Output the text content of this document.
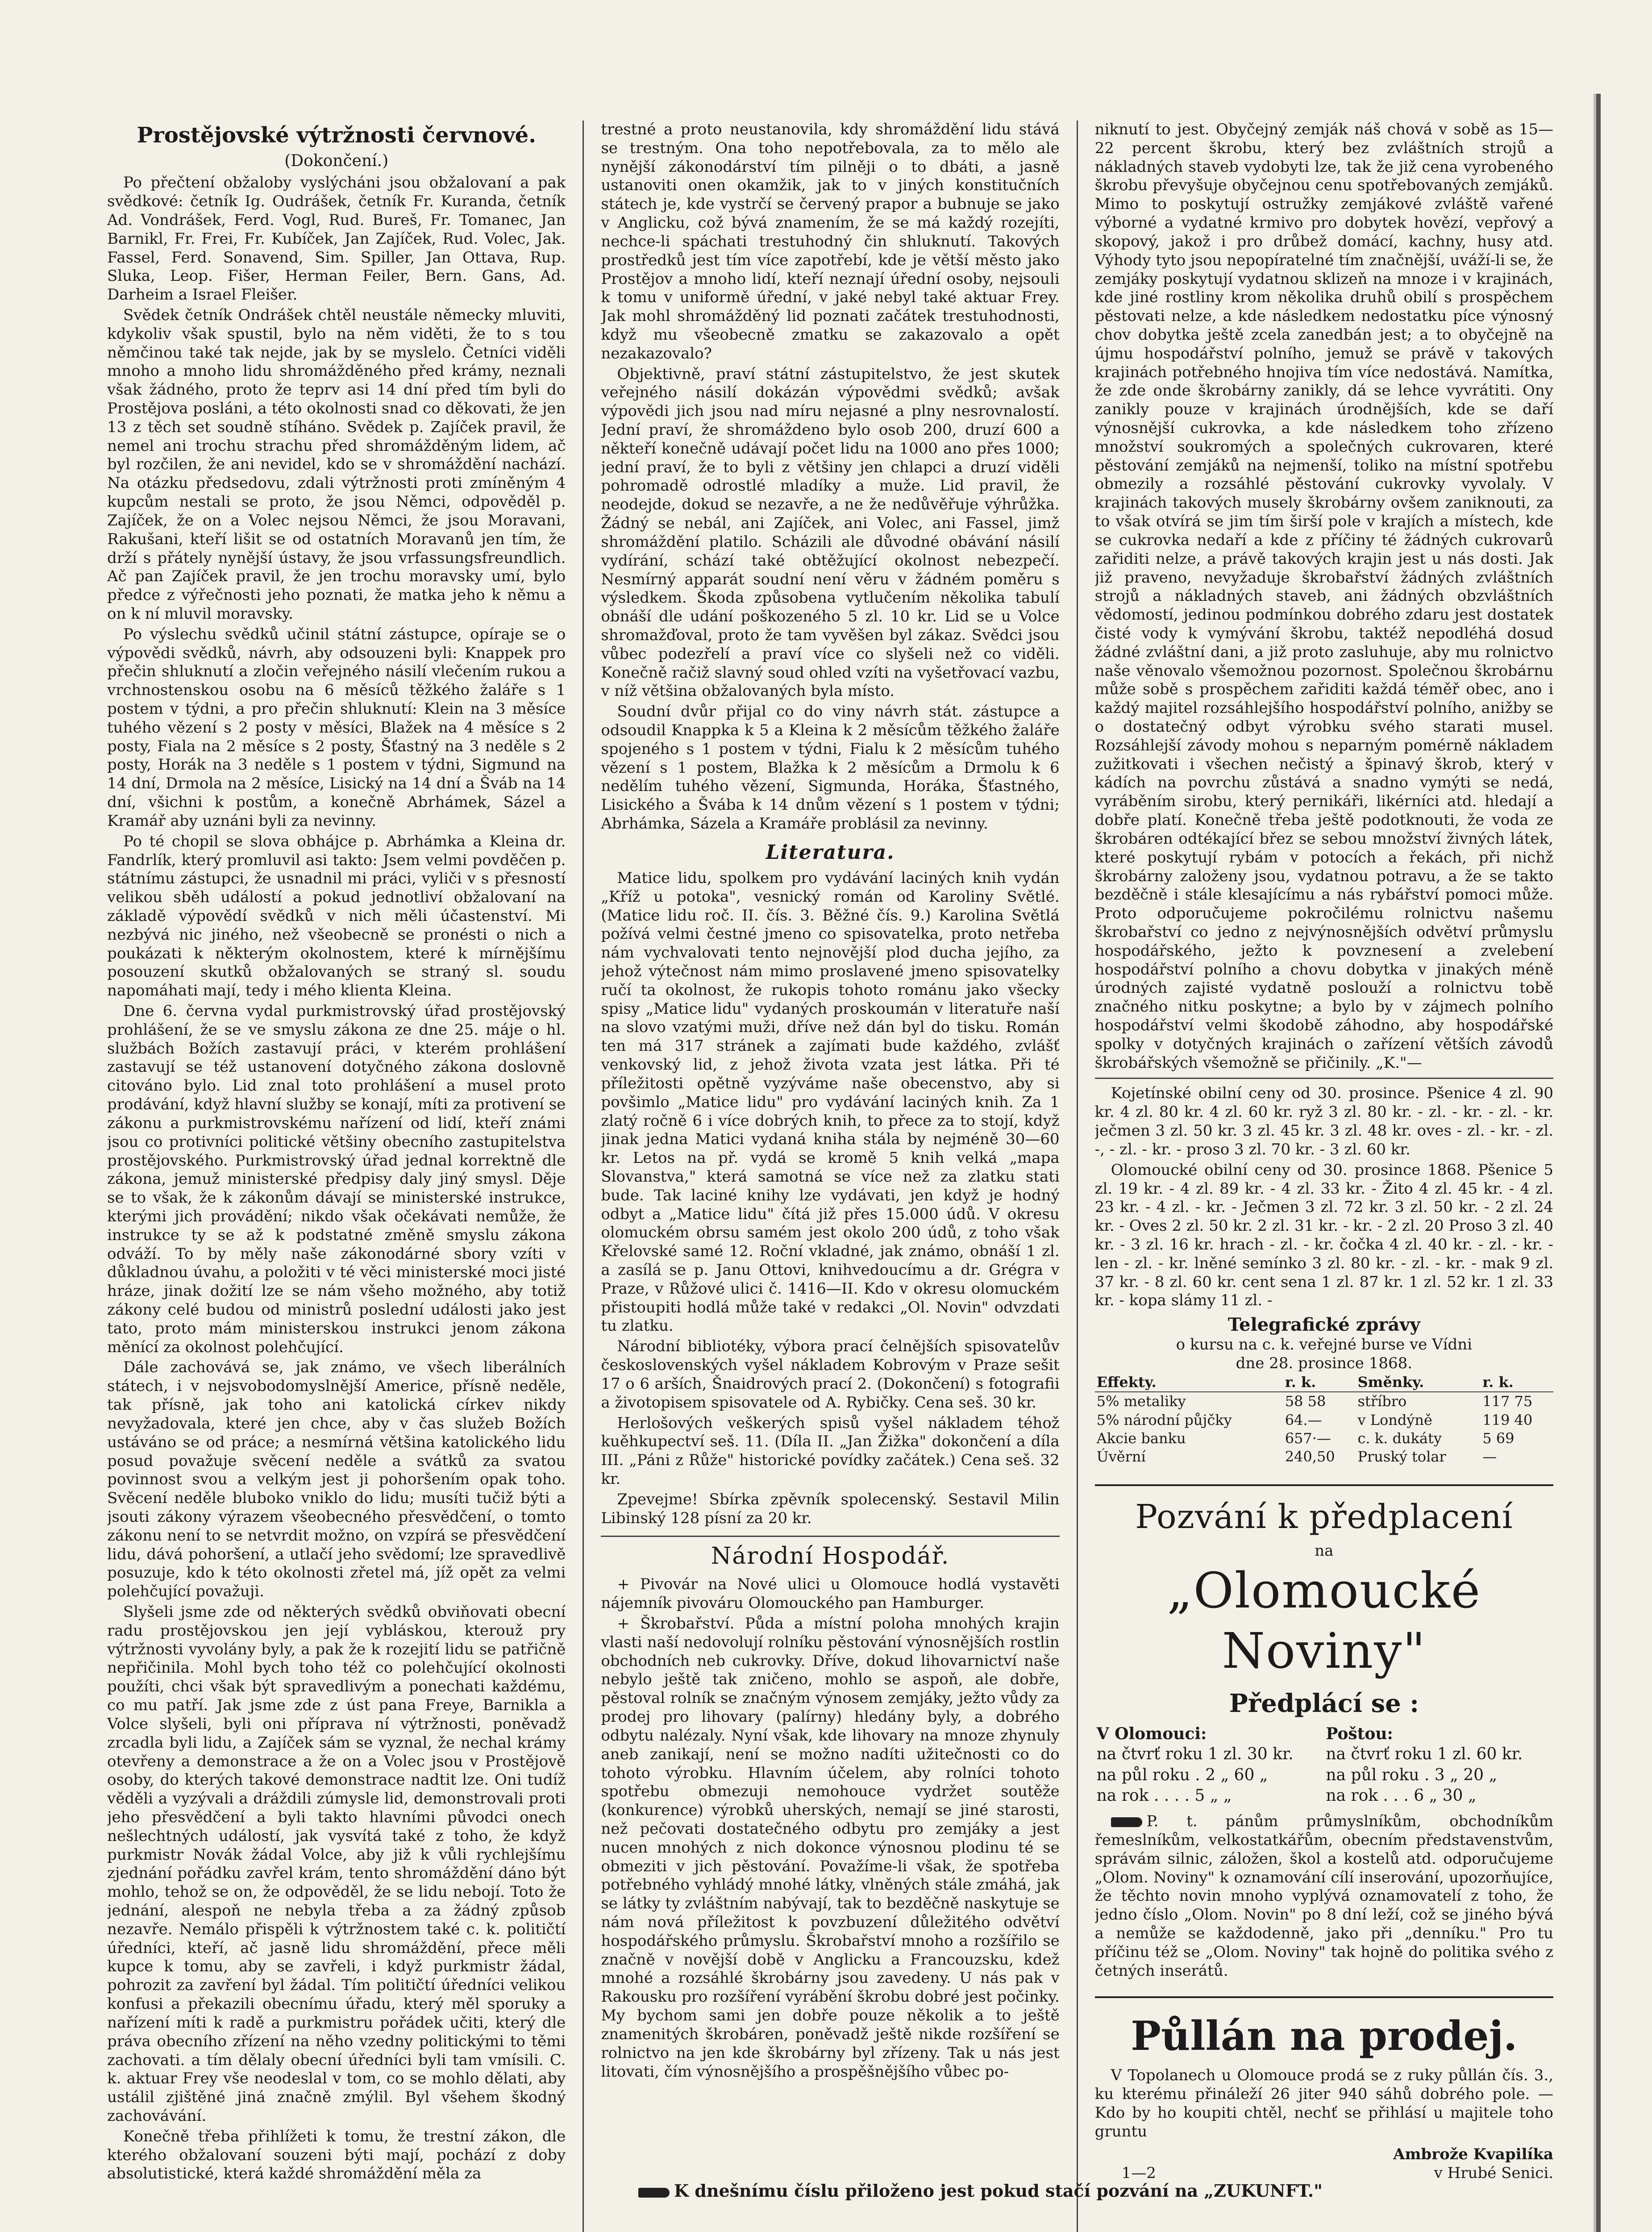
Prostějovské výtržnosti červnové.
(Dokončení.)

Po přečtení obžaloby vyslýcháni jsou obžalovaní a pak svědkové: četník Ig. Oudrášek, četník Fr. Kuranda, četník Ad. Vondrášek, Ferd. Vogl, Rud. Bureš, Fr. Tomanec, Jan Barnikl, Fr. Frei, Fr. Kubíček, Jan Zajíček, Rud. Volec, Jak. Fassel, Ferd. Sonavend, Sim. Spiller, Jan Ottava, Rup. Sluka, Leop. Fišer, Herman Feiler, Bern. Gans, Ad. Darheim a Israel Fleišer.

Svědek četník Ondrášek chtěl neustále německy mluviti, kdykoliv však spustil, bylo na něm viděti, že to s tou němčinou také tak nejde, jak by se myslelo. Četníci viděli mnoho a mnoho lidu shromážděného před krámy, neznali však žádného, proto že teprv asi 14 dní před tím byli do Prostějova posláni, a této okolnosti snad co děkovati, že jen 13 z těch set soudně stíháno. Svědek p. Zajíček pravil, že nemel ani trochu strachu před shromážděným lidem, ač byl rozčilen, že ani nevidel, kdo se v shromáždění nachází. Na otázku předsedovu, zdali výtržnosti proti zmíněným 4 kupcům nestali se proto, že jsou Němci, odpověděl p. Zajíček, že on a Volec nejsou Němci, že jsou Moravani, Rakušani, kteří lišit se od ostatních Moravanů jen tím, že drží s přátely nynější ústavy, že jsou vrfassungsfreundlich. Ač pan Zajíček pravil, že jen trochu moravsky umí, bylo předce z výřečnosti jeho poznati, že matka jeho k němu a on k ní mluvil moravsky.

Po výslechu svědků učinil státní zástupce, opíraje se o výpovědi svědků, návrh, aby odsouzeni byli: Knappek pro přečin shluknutí a zločin veřejného násilí vlečením rukou a vrchnostenskou osobu na 6 měsíců těžkého žaláře s 1 postem v týdni, a pro přečin shluknutí: Klein na 3 měsíce tuhého vězení s 2 posty v měsíci, Blažek na 4 měsíce s 2 posty, Fiala na 2 měsíce s 2 posty, Šťastný na 3 neděle s 2 posty, Horák na 3 neděle s 1 postem v týdni, Sigmund na 14 dní, Drmola na 2 měsíce, Lisický na 14 dní a Šváb na 14 dní, všichni k postům, a konečně Abrhámek, Sázel a Kramář aby uznáni byli za nevinny.

Po té chopil se slova obhájce p. Abrhámka a Kleina dr. Fandrlík, který promluvil asi takto: Jsem velmi povděčen p. státnímu zástupci, že usnadnil mi práci, vyliči v s přesností velikou sběh událostí a pokud jednotliví obžalovaní na základě výpovědí svědků v nich měli účastenství. Mi nezbývá nic jiného, než všeobecně se pronésti o nich a poukázati k některým okolnostem, které k mírnějšímu posouzení skutků obžalovaných se straný sl. soudu napomáhati mají, tedy i mého klienta Kleina.

Dne 6. června vydal purkmistrovský úřad prostějovský prohlášení, že se ve smyslu zákona ze dne 25. máje o hl. službách Božích zastavují práci, v kterém prohlášení zastavují se též ustanovení dotyčného zákona doslovně citováno bylo. Lid znal toto prohlášení a musel proto prodávání, když hlavní služby se konají, míti za protivení se zákonu a purkmistrovskému nařízení od lidí, kteří známi jsou co protivníci politické většiny obecního zastupitelstva prostějovského. Purkmistrovský úřad jednal korrektně dle zákona, jemuž ministerské předpisy daly jiný smysl. Děje se to však, že k zákonům dávají se ministerské instrukce, kterými jich provádění; nikdo však očekávati nemůže, že instrukce ty se až k podstatné změně smyslu zákona odváží. To by měly naše zákonodárné sbory vzíti v důkladnou úvahu, a položiti v té věci ministerské moci jisté hráze, jinak dožití lze se nám všeho možného, aby totiž zákony celé budou od ministrů poslední události jako jest tato, proto mám ministerskou instrukci jenom zákona měnící za okolnost polehčující.

Dále zachovává se, jak známo, ve všech liberálních státech, i v nejsvobodomyslnější Americe, přísně neděle, tak přísně, jak toho ani katolická církev nikdy nevyžadovala, které jen chce, aby v čas služeb Božích ustáváno se od práce; a nesmírná většina katolického lidu posud považuje svěcení neděle a svátků za svatou povinnost svou a velkým jest ji pohoršením opak toho. Svěcení neděle bluboko vniklo do lidu; musíti tučiž býti a jsouti zákony výrazem všeobecného přesvědčení, o tomto zákonu není to se netvrdit možno, on vzpírá se přesvědčení lidu, dává pohoršení, a utlačí jeho svědomí; lze spravedlivě posuzuje, kdo k této okolnosti zřetel má, jíž opět za velmi polehčující považuji.

Slyšeli jsme zde od některých svědků obviňovati obecní radu prostějovskou jen její vybláskou, kterouž pry výtržnosti vyvolány byly, a pak že k rozejití lidu se patřičně nepřičinila. Mohl bych toho též co polehčující okolnosti použíti, chci však být spravedlivým a ponechati každému, co mu patří. Jak jsme zde z úst pana Freye, Barnikla a Volce slyšeli, byli oni příprava ní výtržnosti, poněvadž zrcadla byli lidu, a Zajíček sám se vyznal, že nechal krámy otevřeny a demonstrace a že on a Volec jsou v Prostějově osoby, do kterých takové demonstrace nadtit lze. Oni tudíž věděli a vyzývali a dráždili zúmysle lid, demonstrovali proti jeho přesvědčení a byli takto hlavními původci onech nešlechtných událostí, jak vysvítá také z toho, že když purkmistr Novák žádal Volce, aby již k vůli rychlejšímu zjednání pořádku zavřel krám, tento shromáždění dáno být mohlo, tehož se on, že odpověděl, že se lidu nebojí. Toto že jednání, alespoň ne nebyla třeba a za žádný způsob nezavře. Nemálo přispěli k výtržnostem také c. k. političtí úředníci, kteří, ač jasně lidu shromáždění, přece měli kupce k tomu, aby se zavřeli, i když purkmistr žádal, pohrozit za zavření byl žádal. Tím političtí úředníci velikou konfusi a překazili obecnímu úřadu, který měl sporuky a nařízení míti k radě a purkmistru pořádek učiti, který dle práva obecního zřízení na něho vzedny politickými to těmi zachovati. a tím dělaly obecní úředníci byli tam vmísili. C. k. aktuar Frey vše neodeslal v tom, co se mohlo dělati, aby ustálil zjištěné jiná značně zmýlil. Byl všehem škodný zachovávání.

Konečně třeba přihlížeti k tomu, že trestní zákon, dle kterého obžalovaní souzeni býti mají, pochází z doby absolutistické, která každé shromáždění měla za

trestné a proto neustanovila, kdy shromáždění lidu stává se trestným. Ona toho nepotřebovala, za to mělo ale nynější zákonodárství tím pilněji o to dbáti, a jasně ustanoviti onen okamžik, jak to v jiných konstitučních státech je, kde vystrčí se červený prapor a bubnuje se jako v Anglicku, což bývá znamením, že se má každý rozejíti, nechce-li spáchati trestuhodný čin shluknutí. Takových prostředků jest tím více zapotřebí, kde je větší město jako Prostějov a mnoho lidí, kteří neznají úřední osoby, nejsouli k tomu v uniformě úřední, v jaké nebyl také aktuar Frey. Jak mohl shromážděný lid poznati začátek trestuhodnosti, když mu všeobecně zmatku se zakazovalo a opět nezakazovalo?

Objektivně, praví státní zástupitelstvo, že jest skutek veřejného násilí dokázán výpovědmi svědků; avšak výpovědi jich jsou nad míru nejasné a plny nesrovnalostí. Jední praví, že shromáždeno bylo osob 200, druzí 600 a někteří konečně udávají počet lidu na 1000 ano přes 1000; jední praví, že to byli z většiny jen chlapci a druzí viděli pohromadě odrostlé mladíky a muže. Lid pravil, že neodejde, dokud se nezavře, a ne že nedůvěřuje výhrůžka. Žádný se nebál, ani Zajíček, ani Volec, ani Fassel, jimž shromáždění platilo. Scházili ale důvodné obávání násilí vydírání, schází také obtěžující okolnost nebezpečí. Nesmírný apparát soudní není věru v žádném poměru s výsledkem. Škoda způsobena vytlučením několika tabulí obnáší dle udání poškozeného 5 zl. 10 kr. Lid se u Volce shromažďoval, proto že tam vyvěšen byl zákaz. Svědci jsou vůbec podezřelí a praví více co slyšeli než co viděli. Konečně račiž slavný soud ohled vzíti na vyšetřovací vazbu, v níž většina obžalovaných byla místo.

Soudní dvůr přijal co do viny návrh stát. zástupce a odsoudil Knappka k 5 a Kleina k 2 měsícům těžkého žaláře spojeného s 1 postem v týdni, Fialu k 2 měsícům tuhého vězení s 1 postem, Blažka k 2 měsícům a Drmolu k 6 nedělím tuhého vězení, Sigmunda, Horáka, Šťastného, Lisického a Švába k 14 dnům vězení s 1 postem v týdni; Abrhámka, Sázela a Kramáře problásil za nevinny.

Literatura.

Matice lidu, spolkem pro vydávání laciných knih vydán „Kříž u potoka", vesnický román od Karoliny Světlé. (Matice lidu roč. II. čís. 3. Běžné čís. 9.) Karolina Světlá požívá velmi čestné jmeno co spisovatelka, proto netřeba nám vychvalovati tento nejnovější plod ducha jejího, za jehož výtečnost nám mimo proslavené jmeno spisovatelky ručí ta okolnost, že rukopis tohoto románu jako všecky spisy „Matice lidu" vydaných proskoumán v literatuře naší na slovo vzatými muži, dříve než dán byl do tisku. Román ten má 317 stránek a zajímati bude každého, zvlášť venkovský lid, z jehož života vzata jest látka. Při té příležitosti opětně vyzýváme naše obecenstvo, aby si povšimlo „Matice lidu" pro vydávání laciných knih. Za 1 zlatý ročně 6 i více dobrých knih, to přece za to stojí, když jinak jedna Matici vydaná kniha stála by nejméně 30—60 kr. Letos na př. vydá se kromě 5 knih velká „mapa Slovanstva," která samotná se více než za zlatku stati bude. Tak laciné knihy lze vydávati, jen když je hodný odbyt a „Matice lidu" čítá již přes 15.000 údů. V okresu olomuckém obrsu samém jest okolo 200 údů, z toho však Křelovské samé 12. Roční vkladné, jak známo, obnáší 1 zl. a zasílá se p. Janu Ottovi, knihvedoucímu a dr. Grégra v Praze, v Růžové ulici č. 1416—II. Kdo v okresu olomuckém přistoupiti hodlá může také v redakci „Ol. Novin" odvzdati tu zlatku.

Národní bibliotéky, výbora prací čelnějších spisovatelův československých vyšel nákladem Kobrovým v Praze sešit 17 o 6 arších, Šnaidrových prací 2. (Dokončení) s fotografii a životopisem spisovatele od A. Rybičky. Cena seš. 30 kr.

Herlošových veškerých spisů vyšel nákladem téhož kuěhkupectví seš. 11. (Díla II. „Jan Žižka" dokončení a díla III. „Páni z Růže" historické povídky začátek.) Cena seš. 32 kr.

Zpevejme! Sbírka zpěvník spolecenský. Sestavil Milin Libinský 128 písní za 20 kr.

Národní Hospodář.

+ Pivovár na Nové ulici u Olomouce hodlá vystavěti nájemník pivováru Olomouckého pan Hamburger.

+ Škrobařství. Půda a místní poloha mnohých krajin vlasti naší nedovolují rolníku pěstování výnosnějších rostlin obchodních neb cukrovky. Dříve, dokud lihovarnictví naše nebylo ještě tak zničeno, mohlo se aspoň, ale dobře, pěstoval rolník se značným výnosem zemjáky, ježto vůdy za prodej pro lihovary (palírny) hledány byly, a dobrého odbytu nalézaly. Nyní však, kde lihovary na mnoze zhynuly aneb zanikají, není se možno nadíti užitečnosti co do tohoto výrobku. Hlavním účelem, aby rolníci tohoto spotřebu obmezuji nemohouce vydržet soutěže (konkurence) výrobků uherských, nemají se jiné starosti, než pečovati dostatečného odbytu pro zemjáky a jest nucen mnohých z nich dokonce výnosnou plodinu té se obmeziti v jich pěstování. Považíme-li však, že spotřeba potřebného vyhládý mnohé látky, vlněných stále zmáhá, jak se látky ty zvláštním nabývají, tak to bezděčně naskytuje se nám nová příležitost k povzbuzení důležitého odvětví hospodářského průmyslu. Škrobařství mnoho a rozšířilo se značně v novější době v Anglicku a Francouzsku, kdež mnohé a rozsáhlé škrobárny jsou zavedeny. U nás pak v Rakousku pro rozšíření vyrábění škrobu dobré jest počinky. My bychom sami jen dobře pouze několik a to ještě znamenitých škrobáren, poněvadž ještě nikde rozšíření se rolnictvo na jen kde škrobárny byl zřízeny. Tak u nás jest litovati, čím výnosnějšího a prospěšnějšího vůbec po-

niknutí to jest. Obyčejný zemják náš chová v sobě as 15—22 percent škrobu, který bez zvláštních strojů a nákladných staveb vydobyti lze, tak že již cena vyrobeného škrobu převyšuje obyčejnou cenu spotřebovaných zemjáků. Mimo to poskytují ostružky zemjákové zvláště vařené výborné a vydatné krmivo pro dobytek hovězí, vepřový a skopový, jakož i pro drůbež domácí, kachny, husy atd. Výhody tyto jsou nepopíratelné tím značnější, uváží-li se, že zemjáky poskytují vydatnou sklizeň na mnoze i v krajinách, kde jiné rostliny krom několika druhů obilí s prospěchem pěstovati nelze, a kde následkem nedostatku píce výnosný chov dobytka ještě zcela zanedbán jest; a to obyčejně na újmu hospodářství polního, jemuž se právě v takových krajinách potřebného hnojiva tím více nedostává. Namítka, že zde onde škrobárny zanikly, dá se lehce vyvrátiti. Ony zanikly pouze v krajinách úrodnějších, kde se daří výnosnější cukrovka, a kde následkem toho zřízeno množství soukromých a společných cukrovaren, které pěstování zemjáků na nejmenší, toliko na místní spotřebu obmezily a rozsáhlé pěstování cukrovky vyvolaly. V krajinách takových musely škrobárny ovšem zaniknouti, za to však otvírá se jim tím širší pole v krajích a místech, kde se cukrovka nedaří a kde z příčiny té žádných cukrovarů zařiditi nelze, a právě takových krajin jest u nás dosti. Jak již praveno, nevyžaduje škrobařství žádných zvláštních strojů a nákladných staveb, ani žádných obzvláštních vědomostí, jedinou podmínkou dobrého zdaru jest dostatek čisté vody k vymývání škrobu, taktéž nepodléhá dosud žádné zvláštní dani, a již proto zasluhuje, aby mu rolnictvo naše věnovalo všemožnou pozornost. Společnou škrobárnu může sobě s prospěchem zařiditi každá téměř obec, ano i každý majitel rozsáhlejšího hospodářství polního, anižby se o dostatečný odbyt výrobku svého starati musel. Rozsáhlejší závody mohou s neparným pomérně nákladem zužitkovati i všechen nečistý a špinavý škrob, který v kádích na povrchu zůstává a snadno vymýti se nedá, vyráběním sirobu, který pernikáři, likérníci atd. hledají a dobře platí. Konečně třeba ještě podotknouti, že voda ze škrobáren odtékající břez se sebou množství živných látek, které poskytují rybám v potocích a řekách, při nichž škrobárny založeny jsou, vydatnou potravu, a že se takto bezděčně i stále klesajícímu a nás rybářství pomoci může. Proto odporučujeme pokročilému rolnictvu našemu škrobařství co jedno z nejvýnosnějších odvětví průmyslu hospodářského, ježto k povznesení a zvelebení hospodářství polního a chovu dobytka v jinakých méně úrodných zajisté vydatně poslouží a rolnictvu tobě značného nitku poskytne; a bylo by v zájmech polního hospodářství velmi škodobě záhodno, aby hospodářské spolky v dotyčných krajinách o zařízení větších závodů škrobářských všemožně se přičinily. „K."—

Kojetínské obilní ceny od 30. prosince. Pšenice 4 zl. 90 kr. 4 zl. 80 kr. 4 zl. 60 kr. ryž 3 zl. 80 kr. - zl. - kr. - zl. - kr. ječmen 3 zl. 50 kr. 3 zl. 45 kr. 3 zl. 48 kr. oves - zl. - kr. - zl. -, - zl. - kr. - proso 3 zl. 70 kr. - 3 zl. 60 kr.

Olomoucké obilní ceny od 30. prosince 1868. Pšenice 5 zl. 19 kr. - 4 zl. 89 kr. - 4 zl. 33 kr. - Žito 4 zl. 45 kr. - 4 zl. 23 kr. - 4 zl. - kr. - Ječmen 3 zl. 72 kr. 3 zl. 50 kr. - 2 zl. 24 kr. - Oves 2 zl. 50 kr. 2 zl. 31 kr. - kr. - 2 zl. 20 Proso 3 zl. 40 kr. - 3 zl. 16 kr. hrach - zl. - kr. čočka 4 zl. 40 kr. - zl. - kr. - len - zl. - kr. lněné semínko 3 zl. 80 kr. - zl. - kr. - mak 9 zl. 37 kr. - 8 zl. 60 kr. cent sena 1 zl. 87 kr. 1 zl. 52 kr. 1 zl. 33 kr. - kopa slámy 11 zl. -

Telegrafické zprávy
o kursu na c. k. veřejné burse ve Vídni
dne 28. prosince 1868.
Effekty.	r. k.	Směnky.	r. k.
5% metaliky	58 58	stříbro	117 75
5% národní půjčky	64.—	v Londýně	119 40
Akcie banku	657·—	c. k. dukáty	5 69
Úvěrní	240,50	Pruský tolar	—
Pozvání k předplacení
na
„Olomoucké Noviny"
Předplácí se :
V Olomouci:	Poštou:
na čtvrť roku 1 zl. 30 kr.	na čtvrť roku 1 zl. 60 kr.
na půl roku . 2 „ 60 „	na půl roku . 3 „ 20 „
na rok . . . . 5 „ „	na rok . . . 6 „ 30 „

P. t. pánům průmyslníkům, obchodníkům řemeslníkům, velkostatkářům, obecním představenstvům, správám silnic, záložen, škol a kostelů atd. odporučujeme „Olom. Noviny" k oznamování cílí inserování, upozorňujíce, že těchto novin mnoho vyplývá oznamovatelí z toho, že jedno číslo „Olom. Novin" po 8 dní leží, což se jiného bývá a nemůže se každodenně, jako při „denníku." Pro tu příčinu též se „Olom. Noviny" tak hojně do politika svého z četných inserátů.

Půllán na prodej.

V Topolanech u Olomouce prodá se z ruky půllán čís. 3., ku kterému přináleží 26 jiter 940 sáhů dobrého pole. — Kdo by ho koupiti chtěl, nechť se přihlásí u majitele toho gruntu

Ambrože Kvapilíka
1—2	v Hrubé Senici.
K dnešnímu číslu přiloženo jest pokud stačí pozvání na „ZUKUNFT."
